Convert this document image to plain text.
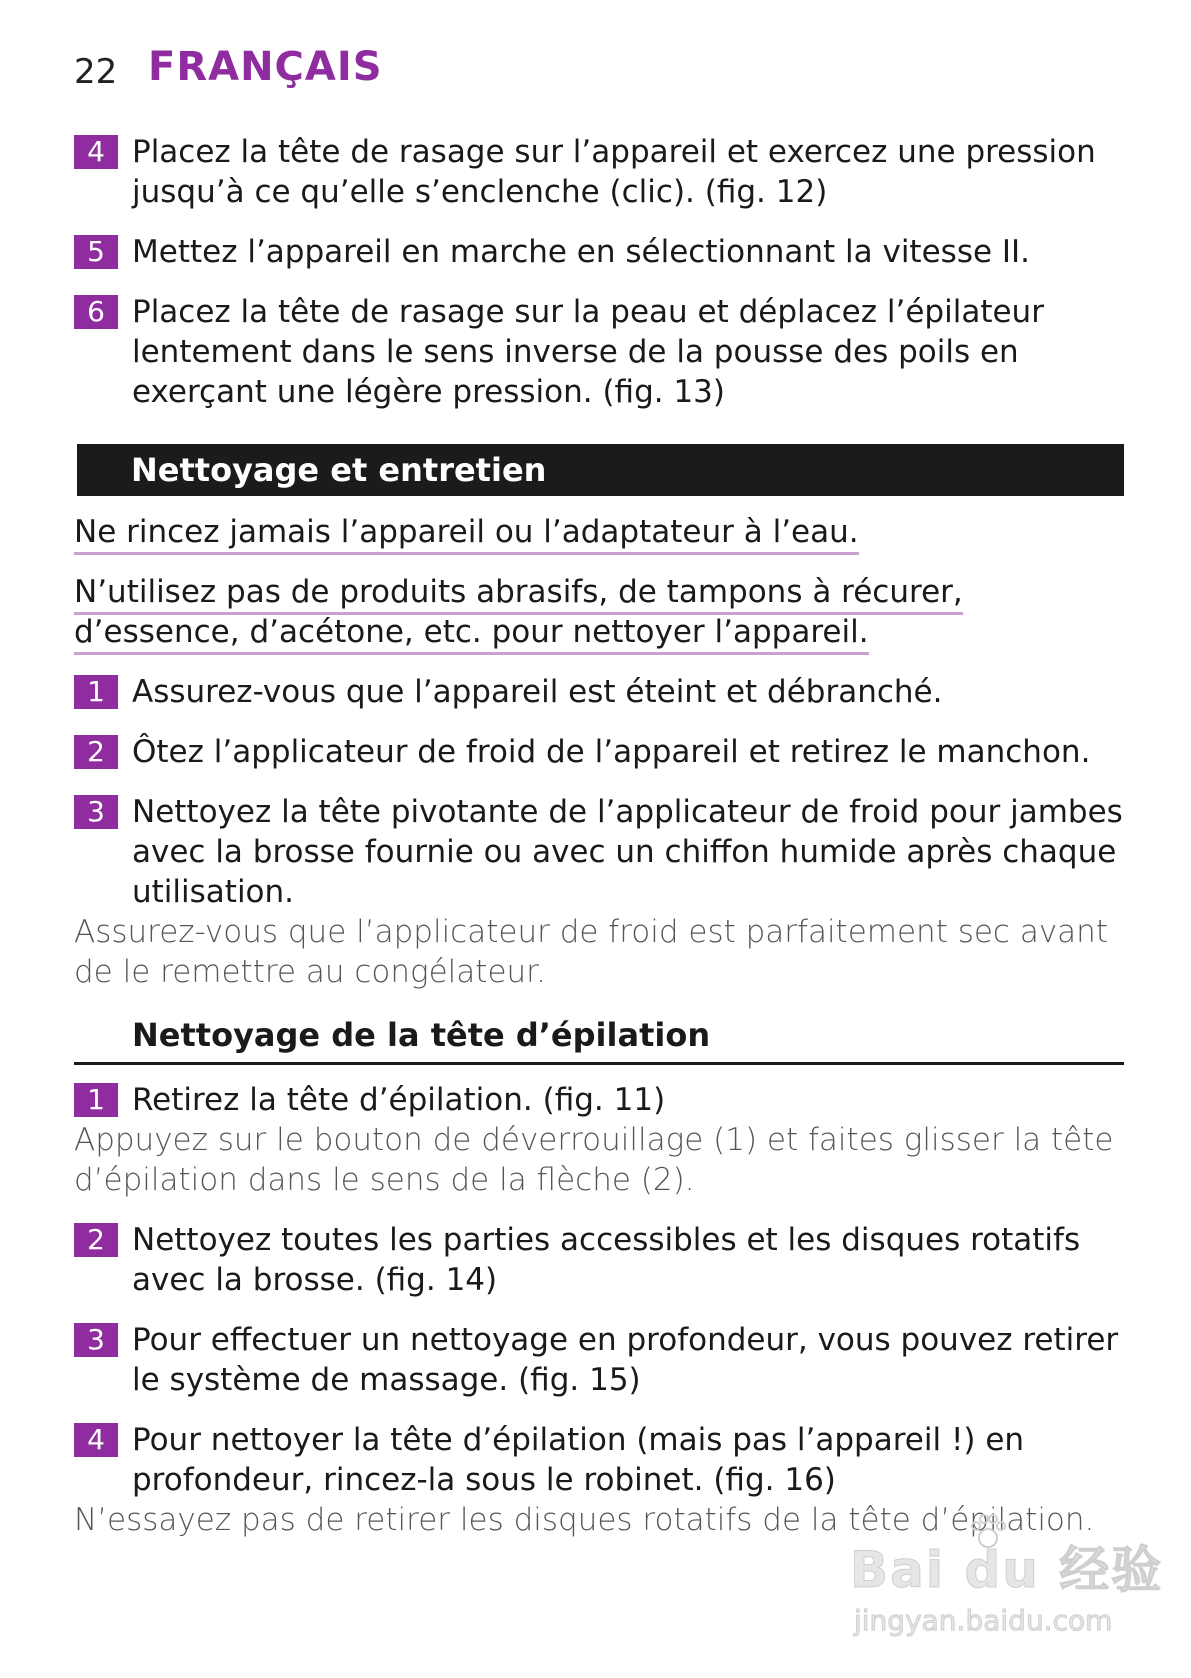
22 FRANÇAIS
4 Placez la tête de rasage sur l’appareil et exercez une pression jusqu’à ce qu’elle s’enclenche (clic). (fig. 12)
5 Mettez l’appareil en marche en sélectionnant la vitesse II.
6 Placez la tête de rasage sur la peau et déplacez l’épilateur lentement dans le sens inverse de la pousse des poils en exerçant une légère pression. (fig. 13)
Nettoyage et entretien
Ne rincez jamais l’appareil ou l’adaptateur à l’eau.
N’utilisez pas de produits abrasifs, de tampons à récurer, d’essence, d’acétone, etc. pour nettoyer l’appareil.
1 Assurez-vous que l’appareil est éteint et débranché.
2 Ôtez l’applicateur de froid de l’appareil et retirez le manchon.
3 Nettoyez la tête pivotante de l’applicateur de froid pour jambes avec la brosse fournie ou avec un chiffon humide après chaque utilisation.
Assurez-vous que l’applicateur de froid est parfaitement sec avant de le remettre au congélateur.
Nettoyage de la tête d’épilation
1 Retirez la tête d’épilation. (fig. 11)
Appuyez sur le bouton de déverrouillage (1) et faites glisser la tête d’épilation dans le sens de la flèche (2).
2 Nettoyez toutes les parties accessibles et les disques rotatifs avec la brosse. (fig. 14)
3 Pour effectuer un nettoyage en profondeur, vous pouvez retirer le système de massage. (fig. 15)
4 Pour nettoyer la tête d’épilation (mais pas l’appareil !) en profondeur, rincez-la sous le robinet. (fig. 16)
N’essayez pas de retirer les disques rotatifs de la tête d’épilation.
Bai du 经验
jingyan.baidu.com
